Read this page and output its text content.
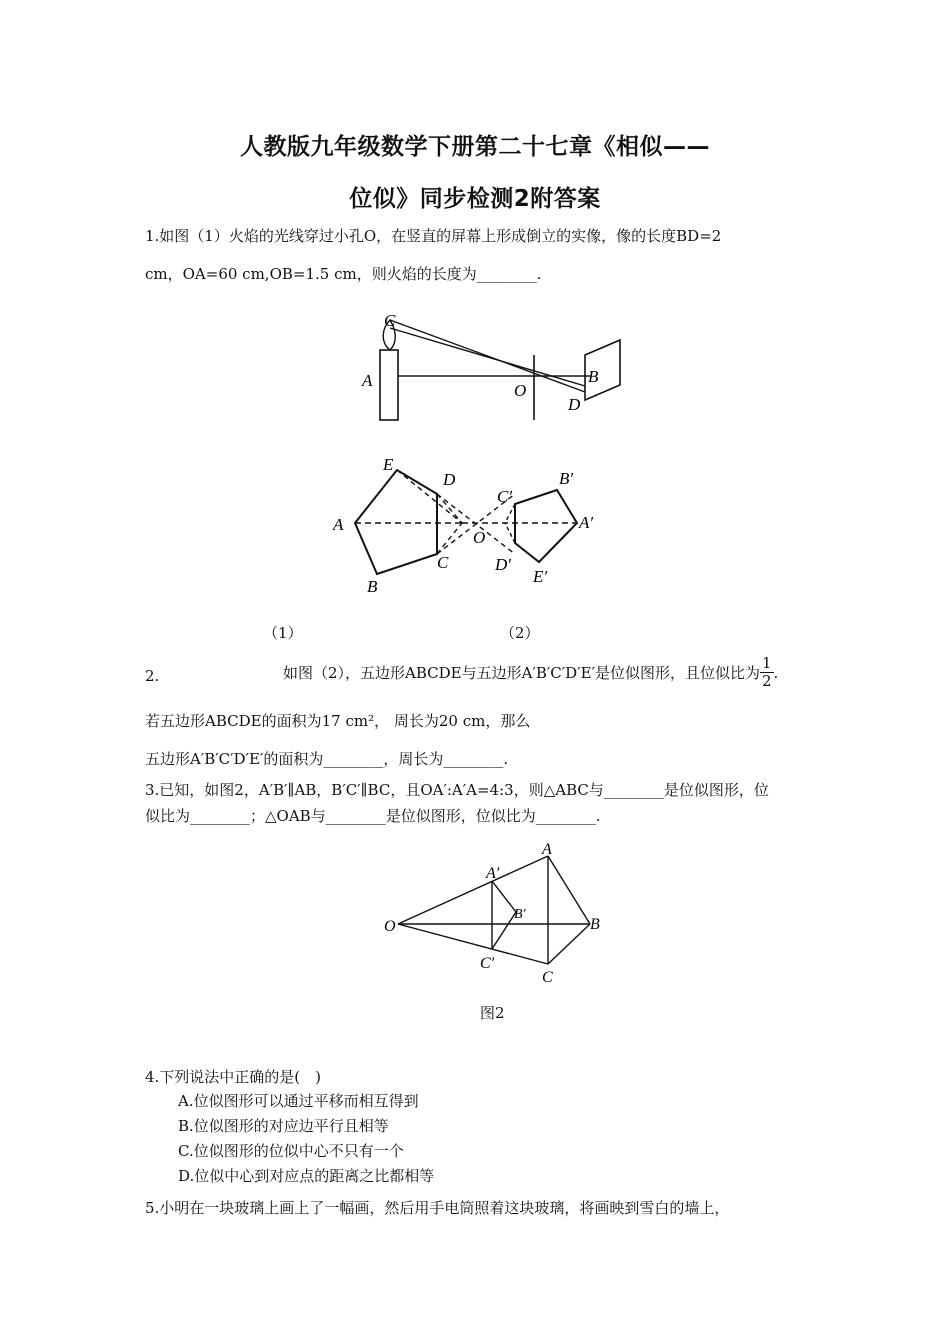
人教版九年级数学下册第二十七章《相似——
位似》同步检测2附答案
1.如图（1）火焰的光线穿过小孔O，在竖直的屏幕上形成倒立的实像，像的长度BD=2
cm，OA=60 cm,OB=1.5 cm，则火焰的长度为________.
C
A
O
B
D
E
D
A
B
C
O
C′
B′
A′
D′
E′
（1）	（2）
2.	如图（2），五边形ABCDE与五边形A′B′C′D′E′是位似图形，且位似比为 $\frac{1}{2}$ .
若五边形ABCDE的面积为17 cm²， 周长为20 cm，那么
五边形A′B′C′D′E′的面积为________，周长为________.
3.已知，如图2，A′B′∥AB，B′C′∥BC，且OA′:A′A=4:3，则△ABC与________是位似图形，位
似比为________；△OAB与________是位似图形，位似比为________.
O
A
A′
B′
B
C′
C
图2
4.下列说法中正确的是(　)
A.位似图形可以通过平移而相互得到
B.位似图形的对应边平行且相等
C.位似图形的位似中心不只有一个
D.位似中心到对应点的距离之比都相等
5.小明在一块玻璃上画上了一幅画，然后用手电筒照着这块玻璃，将画映到雪白的墙上，
